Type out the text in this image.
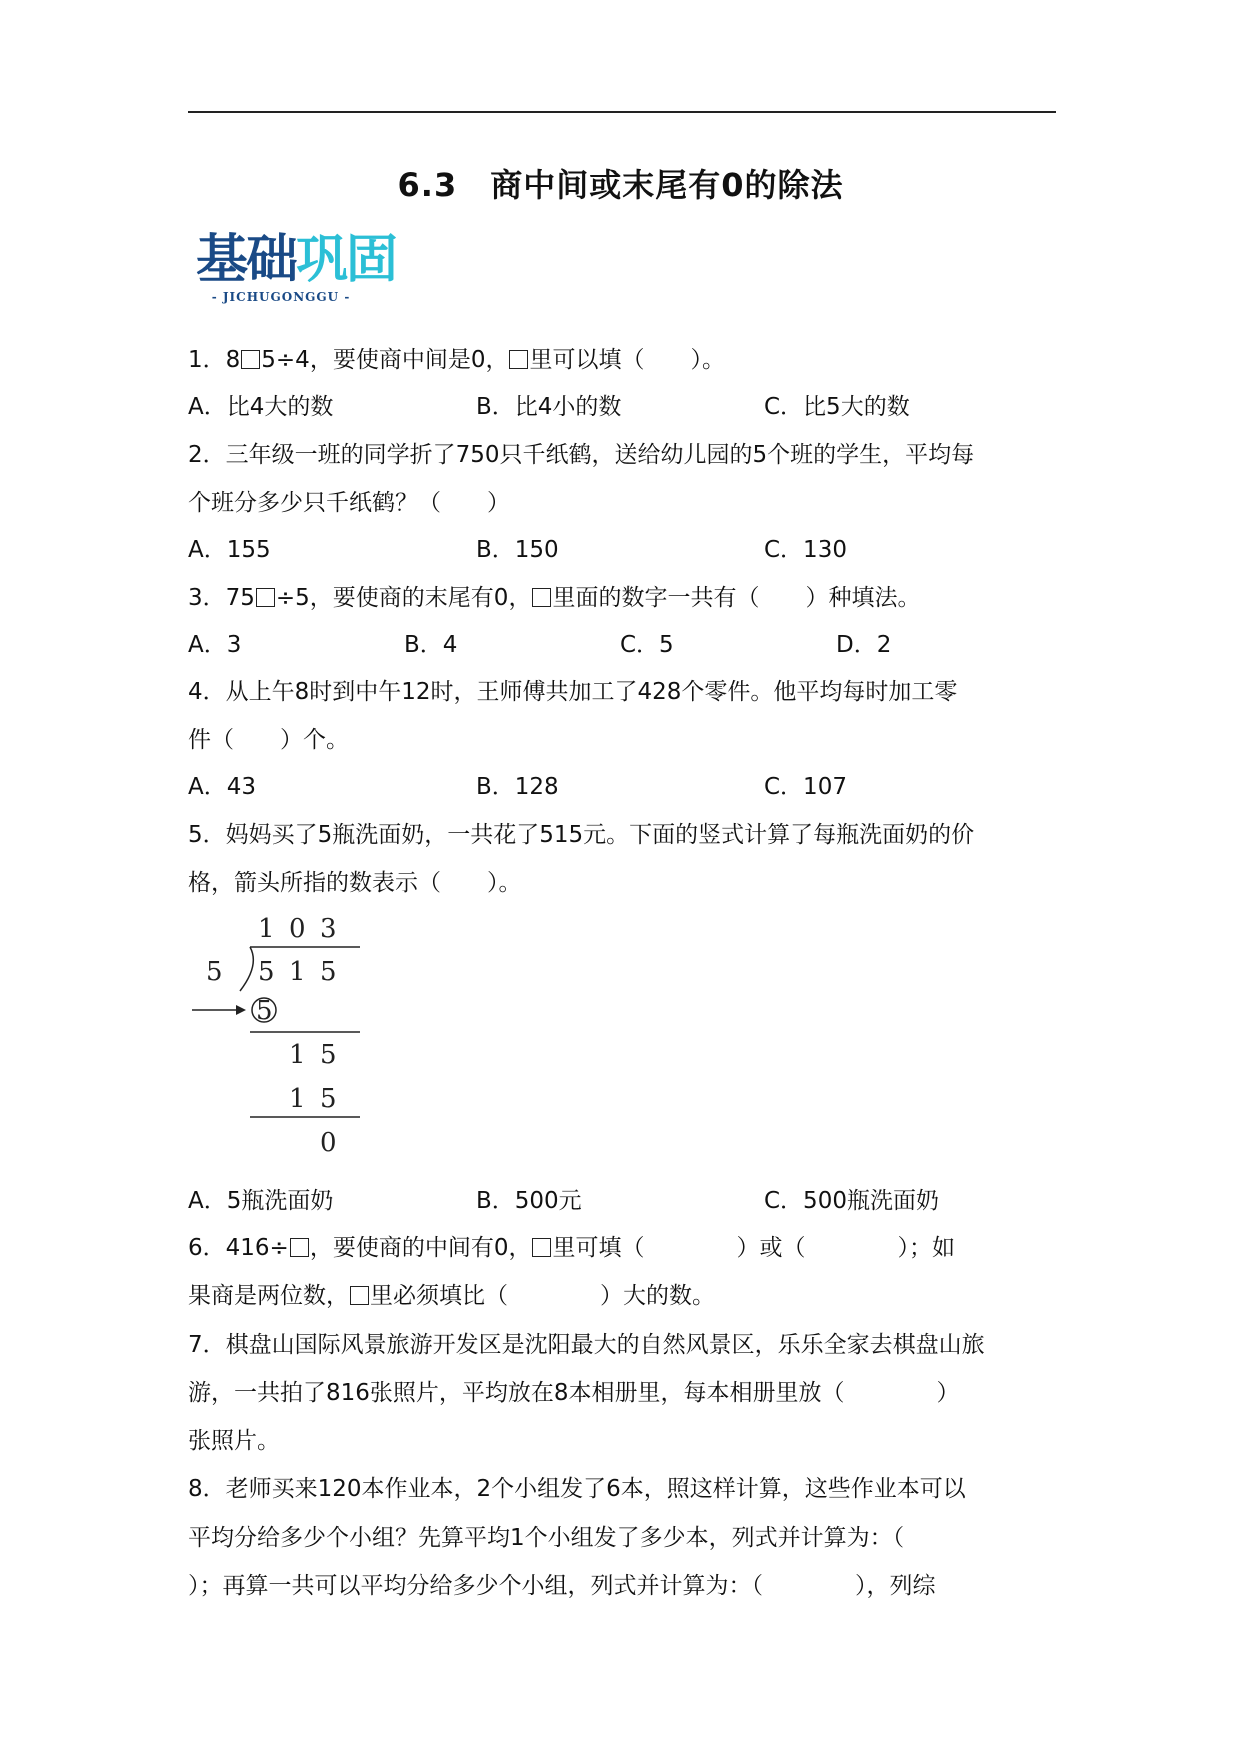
6.3　商中间或末尾有0的除法
基础巩固
- JICHUGONGGU -
1．8 5÷4，要使商中间是0， 里可以填（　　）。
A．比4大的数	B．比4小的数	C．比5大的数
2．三年级一班的同学折了750只千纸鹤，送给幼儿园的5个班的学生，平均每
个班分多少只千纸鹤？（　　）
A．155	B．150	C．130
3．75 ÷5，要使商的末尾有0， 里面的数字一共有（　　）种填法。
A．3	B．4	C．5	D．2
4．从上午8时到中午12时，王师傅共加工了428个零件。他平均每时加工零
件（　　）个。
A．43	B．128	C．107
5．妈妈买了5瓶洗面奶，一共花了515元。下面的竖式计算了每瓶洗面奶的价
格，箭头所指的数表示（　　）。
1 0 3
5 5 1 5
5
1 5
1 5
0
A．5瓶洗面奶	B．500元	C．500瓶洗面奶
6．416÷ ，要使商的中间有0， 里可填（　　　　）或（　　　　）；如
果商是两位数， 里必须填比（　　　　）大的数。
7．棋盘山国际风景旅游开发区是沈阳最大的自然风景区，乐乐全家去棋盘山旅
游，一共拍了816张照片，平均放在8本相册里，每本相册里放（　　　　）
张照片。
8．老师买来120本作业本，2个小组发了6本，照这样计算，这些作业本可以
平均分给多少个小组？先算平均1个小组发了多少本，列式并计算为：（
）；再算一共可以平均分给多少个小组，列式并计算为：（　　　　），列综
